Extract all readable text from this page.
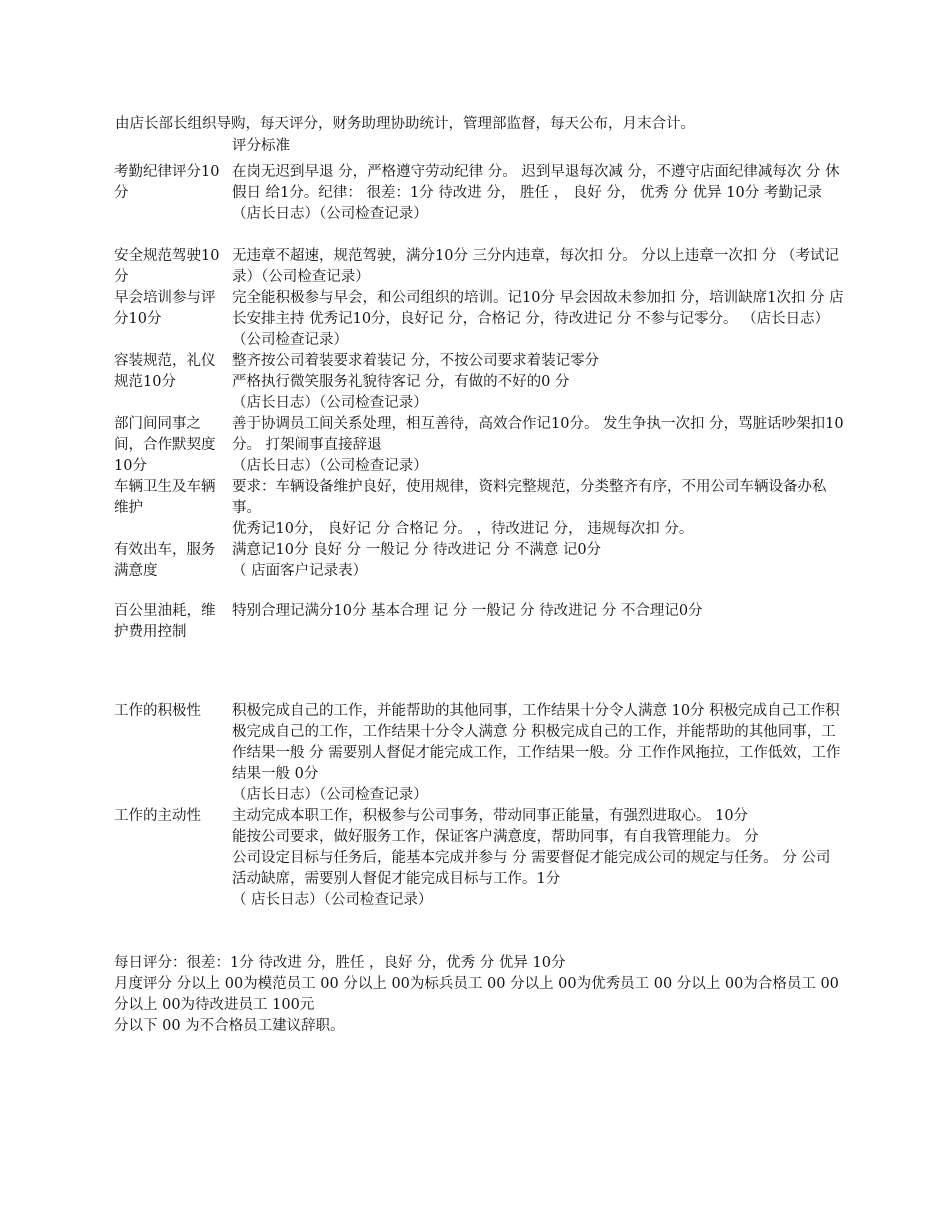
由店长部长组织导购，每天评分，财务助理协助统计，管理部监督，每天公布，月末合计。
评分标准
考勤纪律评分10分

在岗无迟到早退 分，严格遵守劳动纪律 分。 迟到早退每次减 分，不遵守店面纪律减每次 分 休假日 给1分。纪律： 很差：1分 待改进 分， 胜任 ， 良好 分， 优秀 分 优异 10分 考勤记录 （店长日志）（公司检查记录）

安全规范驾驶10分

无违章不超速，规范驾驶，满分10分 三分内违章，每次扣 分。 分以上违章一次扣 分 （考试记录）（公司检查记录）

早会培训参与评分10分

完全能积极参与早会，和公司组织的培训。记10分 早会因故未参加扣 分，培训缺席1次扣 分 店长安排主持 优秀记10分，良好记 分，合格记 分，待改进记 分 不参与记零分。 （店长日志）（公司检查记录）

容装规范，礼仪规范10分

整齐按公司着装要求着装记 分，不按公司要求着装记零分

严格执行微笑服务礼貌待客记 分，有做的不好的0 分

（店长日志）（公司检查记录）

部门间同事之间，合作默契度10分

善于协调员工间关系处理，相互善待，高效合作记10分。 发生争执一次扣 分，骂脏话吵架扣10分。 打架闹事直接辞退

（店长日志）（公司检查记录）

车辆卫生及车辆维护

要求：车辆设备维护良好，使用规律，资料完整规范，分类整齐有序，不用公司车辆设备办私事。

优秀记10分， 良好记 分 合格记 分。 ，待改进记 分， 违规每次扣 分。

有效出车，服务满意度

满意记10分 良好 分 一般记 分 待改进记 分 不满意 记0分

（ 店面客户记录表）

百公里油耗，维护费用控制

特别合理记满分10分 基本合理 记 分 一般记 分 待改进记 分 不合理记0分

工作的积极性	积极完成自己的工作，并能帮助的其他同事，工作结果十分令人满意 10分 积极完成自己工作积极完成自己的工作，工作结果十分令人满意 分 积极完成自己的工作，并能帮助的其他同事，工作结果一般 分 需要别人督促才能完成工作，工作结果一般。分 工作作风拖拉，工作低效，工作结果一般 0分

（店长日志）（公司检查记录）

工作的主动性	主动完成本职工作，积极参与公司事务，带动同事正能量，有强烈进取心。 10分

能按公司要求，做好服务工作，保证客户满意度，帮助同事，有自我管理能力。 分

公司设定目标与任务后，能基本完成并参与 分 需要督促才能完成公司的规定与任务。 分 公司活动缺席，需要别人督促才能完成目标与工作。1分

（ 店长日志）（公司检查记录）

每日评分：很差：1分 待改进 分，胜任 ，良好 分，优秀 分 优异 10分

月度评分 分以上 00为模范员工 00 分以上 00为标兵员工 00 分以上 00为优秀员工 00 分以上 00为合格员工 00 分以上 00为待改进员工 100元

分以下 00 为不合格员工建议辞职。
